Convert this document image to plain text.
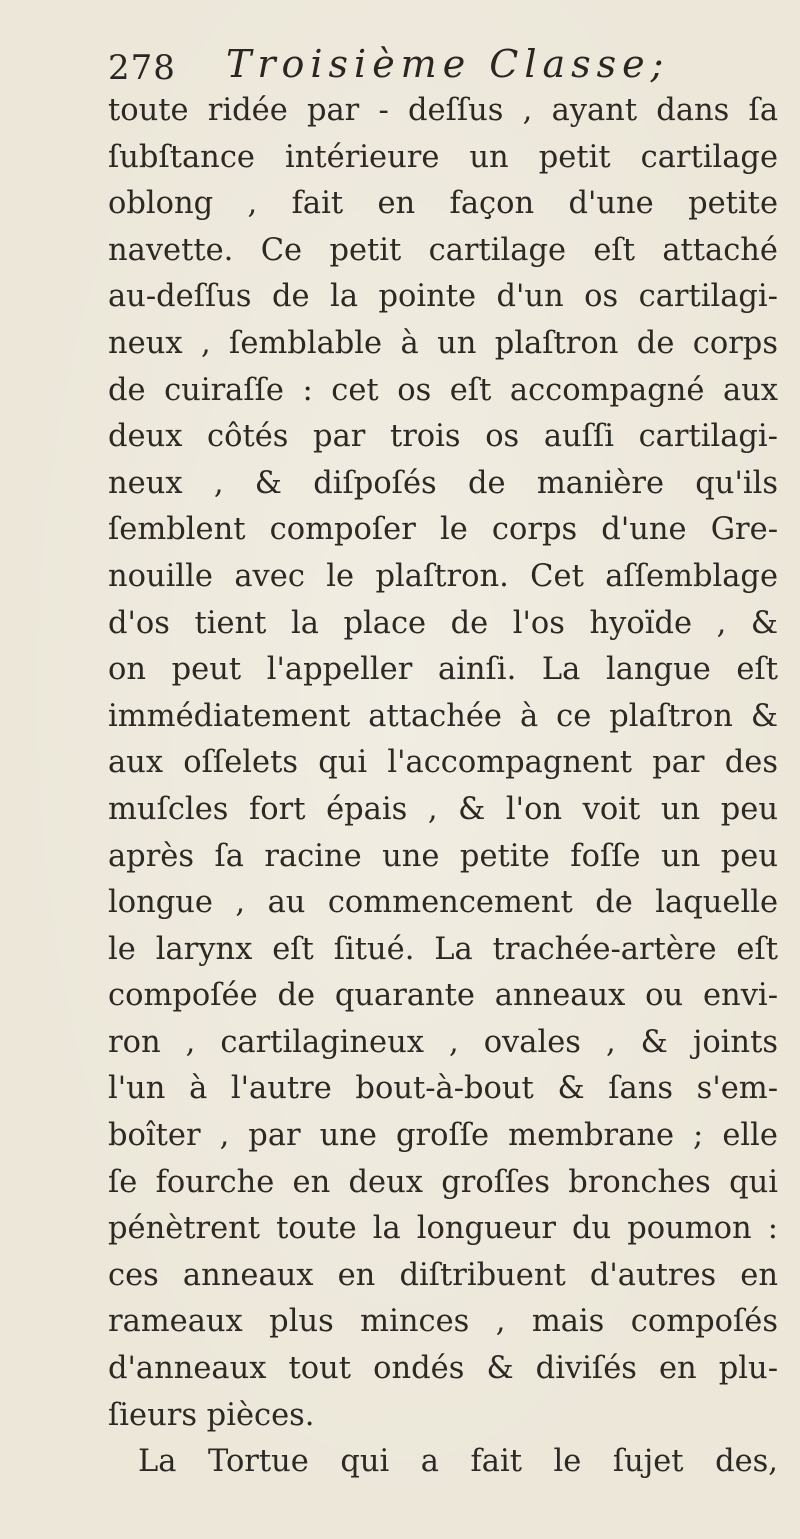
278 Troisième Classe;
toute ridée par - deſſus , ayant dans ſa
ſubſtance intérieure un petit cartilage
oblong , fait en façon d'une petite
navette. Ce petit cartilage eſt attaché
au-deſſus de la pointe d'un os cartilagi-
neux , ſemblable à un plaſtron de corps
de cuiraſſe : cet os eſt accompagné aux
deux côtés par trois os auſſi cartilagi-
neux , & diſpoſés de manière qu'ils
ſemblent compoſer le corps d'une Gre-
nouille avec le plaſtron. Cet aſſemblage
d'os tient la place de l'os hyoïde , &
on peut l'appeller ainſi. La langue eſt
immédiatement attachée à ce plaſtron &
aux oſſelets qui l'accompagnent par des
muſcles fort épais , & l'on voit un peu
après ſa racine une petite foſſe un peu
longue , au commencement de laquelle
le larynx eſt ſitué. La trachée-artère eſt
compoſée de quarante anneaux ou envi-
ron , cartilagineux , ovales , & joints
l'un à l'autre bout-à-bout & ſans s'em-
boîter , par une groſſe membrane ; elle
ſe fourche en deux groſſes bronches qui
pénètrent toute la longueur du poumon :
ces anneaux en diſtribuent d'autres en
rameaux plus minces , mais compoſés
d'anneaux tout ondés & diviſés en plu-
ſieurs pièces.
La Tortue qui a fait le ſujet des,
